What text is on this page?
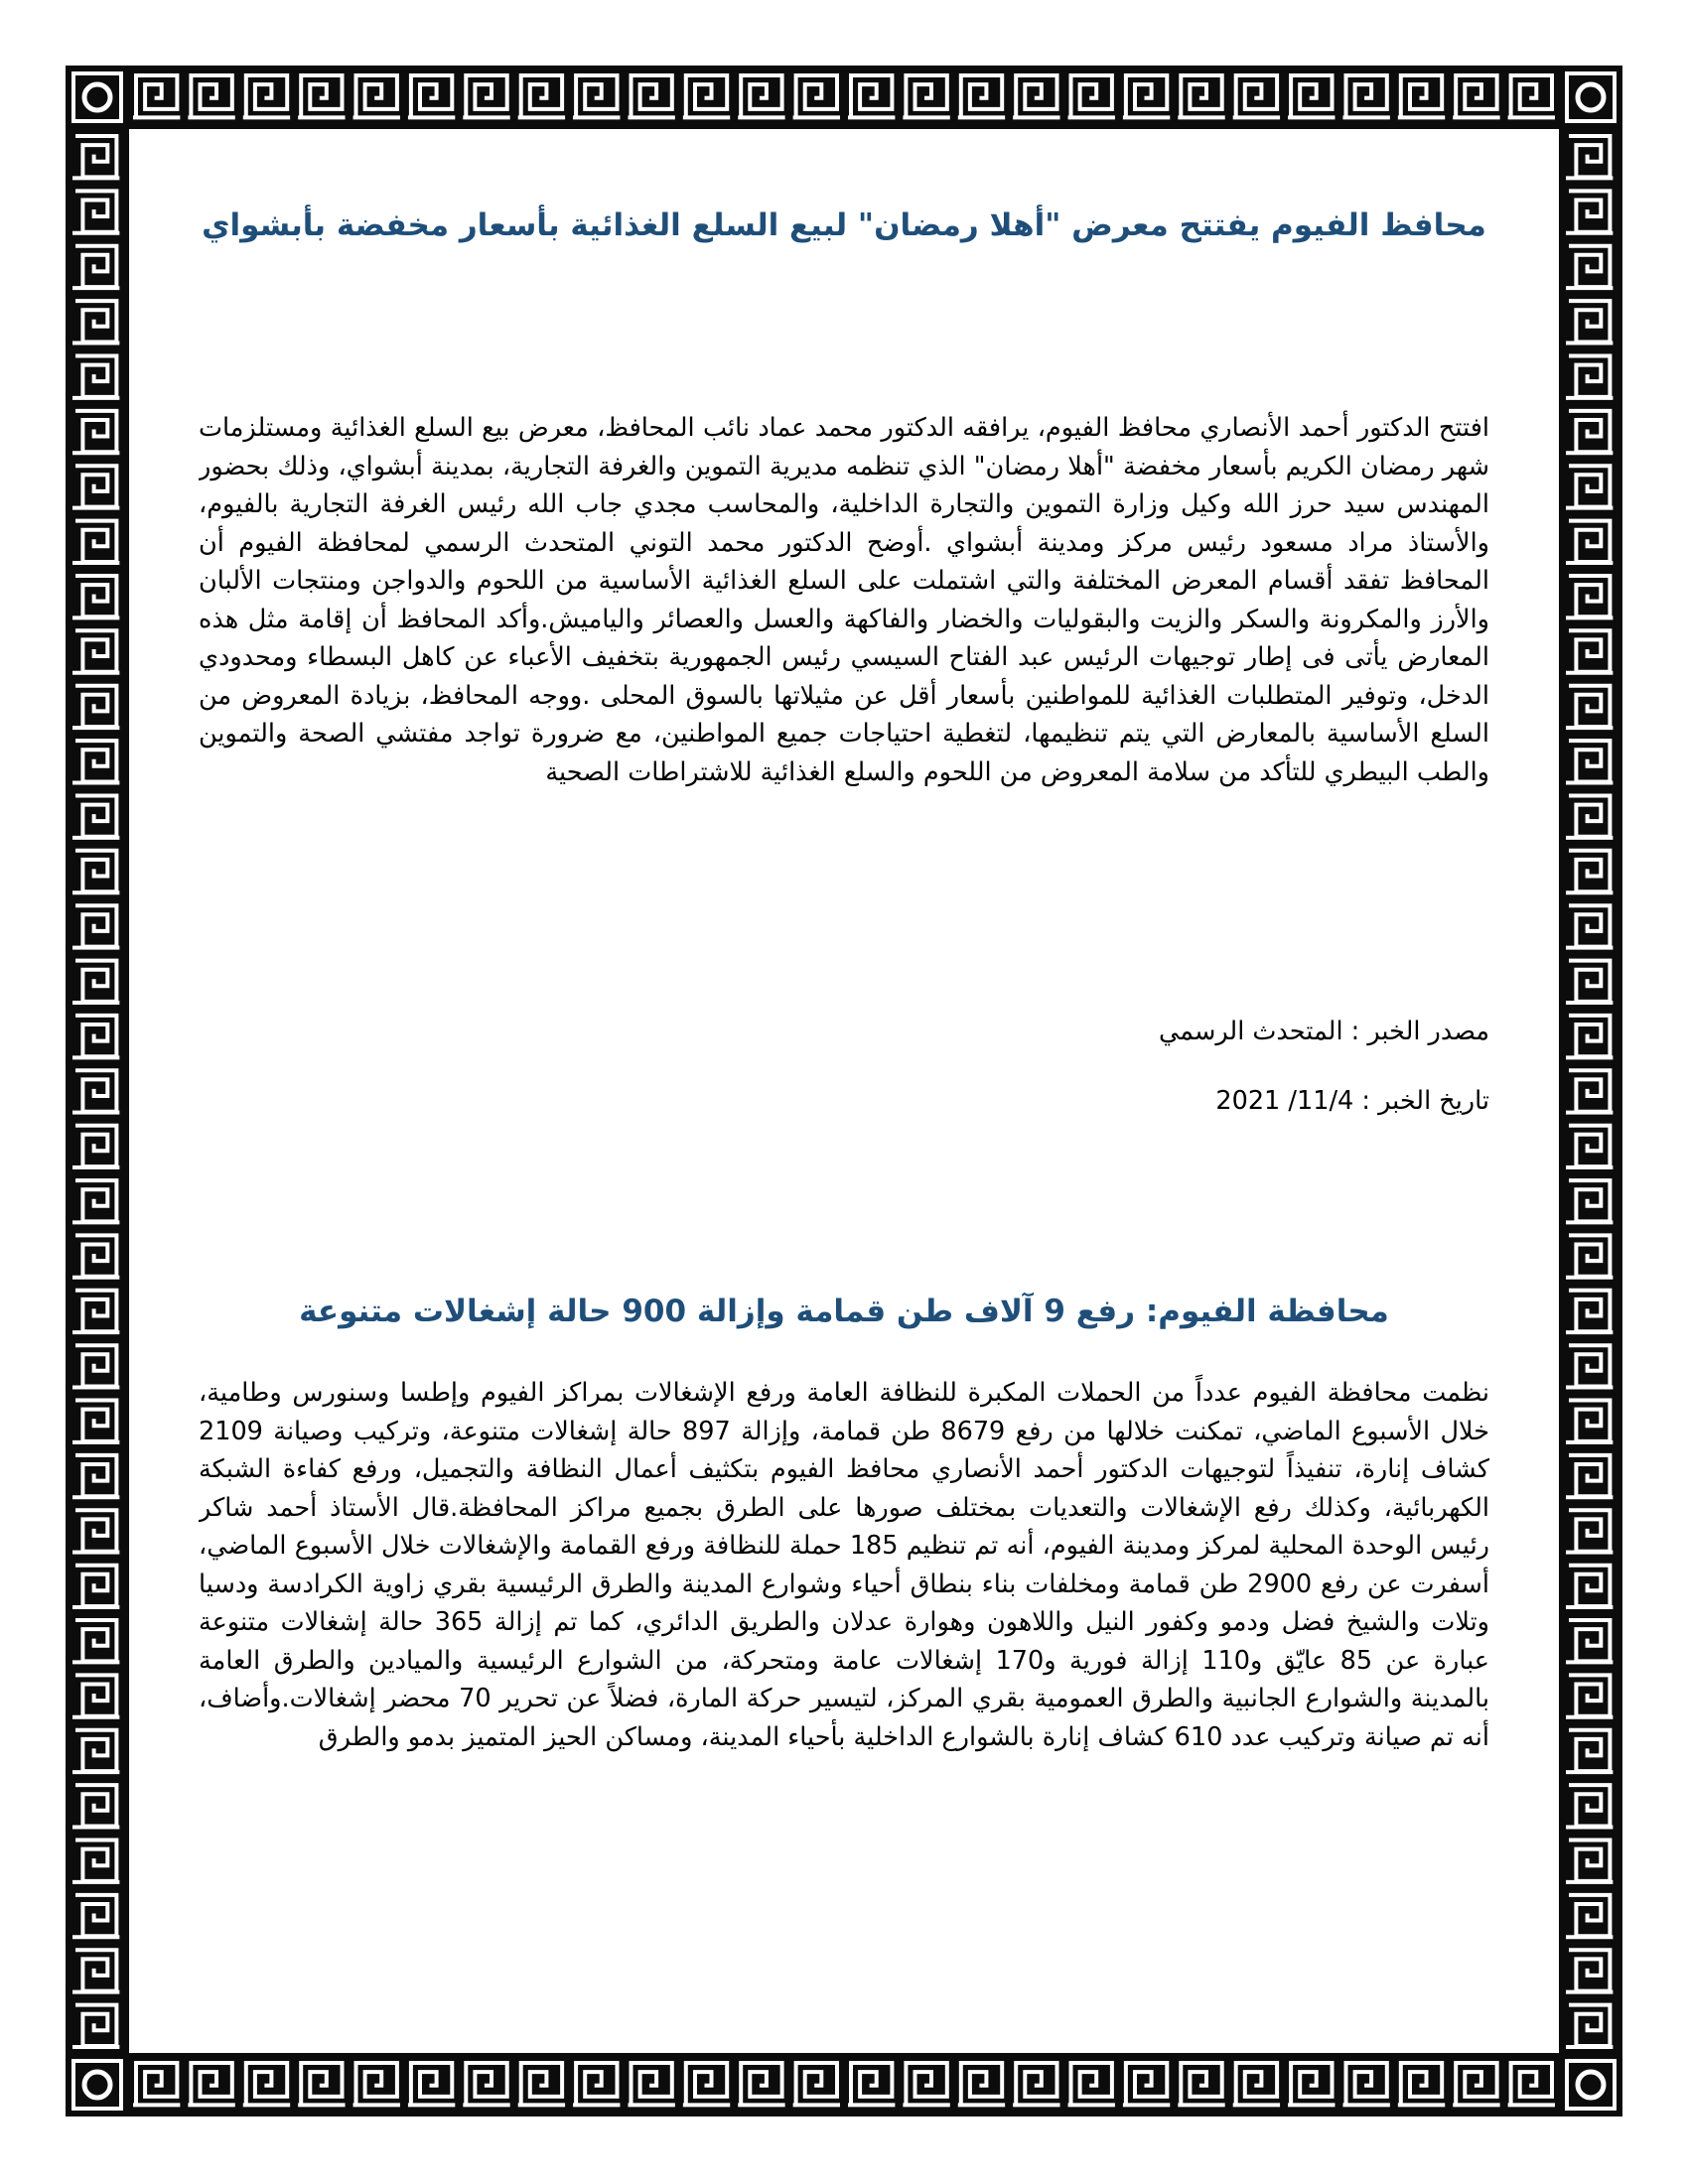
محافظ الفيوم يفتتح معرض "أهلا رمضان" لبيع السلع الغذائية بأسعار مخفضة بأبشواي

افتتح الدكتور أحمد الأنصاري محافظ الفيوم، يرافقه الدكتور محمد عماد نائب المحافظ، معرض بيع السلع الغذائية ومستلزمات شهر رمضان الكريم بأسعار مخفضة "أهلا رمضان" الذي تنظمه مديرية التموين والغرفة التجارية، بمدينة أبشواي، وذلك بحضور المهندس سيد حرز الله وكيل وزارة التموين والتجارة الداخلية، والمحاسب مجدي جاب الله رئيس الغرفة التجارية بالفيوم، والأستاذ مراد مسعود رئيس مركز ومدينة أبشواي .أوضح الدكتور محمد التوني المتحدث الرسمي لمحافظة الفيوم أن المحافظ تفقد أقسام المعرض المختلفة والتي اشتملت على السلع الغذائية الأساسية من اللحوم والدواجن ومنتجات الألبان والأرز والمكرونة والسكر والزيت والبقوليات والخضار والفاكهة والعسل والعصائر والياميش.وأكد المحافظ أن إقامة مثل هذه المعارض يأتى فى إطار توجيهات الرئيس عبد الفتاح السيسي رئيس الجمهورية بتخفيف الأعباء عن كاهل البسطاء ومحدودي الدخل، وتوفير المتطلبات الغذائية للمواطنين بأسعار أقل عن مثيلاتها بالسوق المحلى .ووجه المحافظ، بزيادة المعروض من السلع الأساسية بالمعارض التي يتم تنظيمها، لتغطية احتياجات جميع المواطنين، مع ضرورة تواجد مفتشي الصحة والتموين والطب البيطري للتأكد من سلامة المعروض من اللحوم والسلع الغذائية للاشتراطات الصحية

مصدر الخبر : المتحدث الرسمي

تاريخ الخبر : 11/4/ 2021

محافظة الفيوم: رفع 9 آلاف طن قمامة وإزالة 900 حالة إشغالات متنوعة

نظمت محافظة الفيوم عدداً من الحملات المكبرة للنظافة العامة ورفع الإشغالات بمراكز الفيوم وإطسا وسنورس وطامية، خلال الأسبوع الماضي، تمكنت خلالها من رفع 8679 طن قمامة، وإزالة 897 حالة إشغالات متنوعة، وتركيب وصيانة 2109 كشاف إنارة، تنفيذاً لتوجيهات الدكتور أحمد الأنصاري محافظ الفيوم بتكثيف أعمال النظافة والتجميل، ورفع كفاءة الشبكة الكهربائية، وكذلك رفع الإشغالات والتعديات بمختلف صورها على الطرق بجميع مراكز المحافظة.قال الأستاذ أحمد شاكر رئيس الوحدة المحلية لمركز ومدينة الفيوم، أنه تم تنظيم 185 حملة للنظافة ورفع القمامة والإشغالات خلال الأسبوع الماضي، أسفرت عن رفع 2900 طن قمامة ومخلفات بناء بنطاق أحياء وشوارع المدينة والطرق الرئيسية بقري زاوية الكرادسة ودسيا وتلات والشيخ فضل ودمو وكفور النيل واللاهون وهوارة عدلان والطريق الدائري، كما تم إزالة 365 حالة إشغالات متنوعة عبارة عن 85 عايّق و110 إزالة فورية و170 إشغالات عامة ومتحركة، من الشوارع الرئيسية والميادين والطرق العامة بالمدينة والشوارع الجانبية والطرق العمومية بقري المركز، لتيسير حركة المارة، فضلاً عن تحرير 70 محضر إشغالات.وأضاف، أنه تم صيانة وتركيب عدد 610 كشاف إنارة بالشوارع الداخلية بأحياء المدينة، ومساكن الحيز المتميز بدمو والطرق
